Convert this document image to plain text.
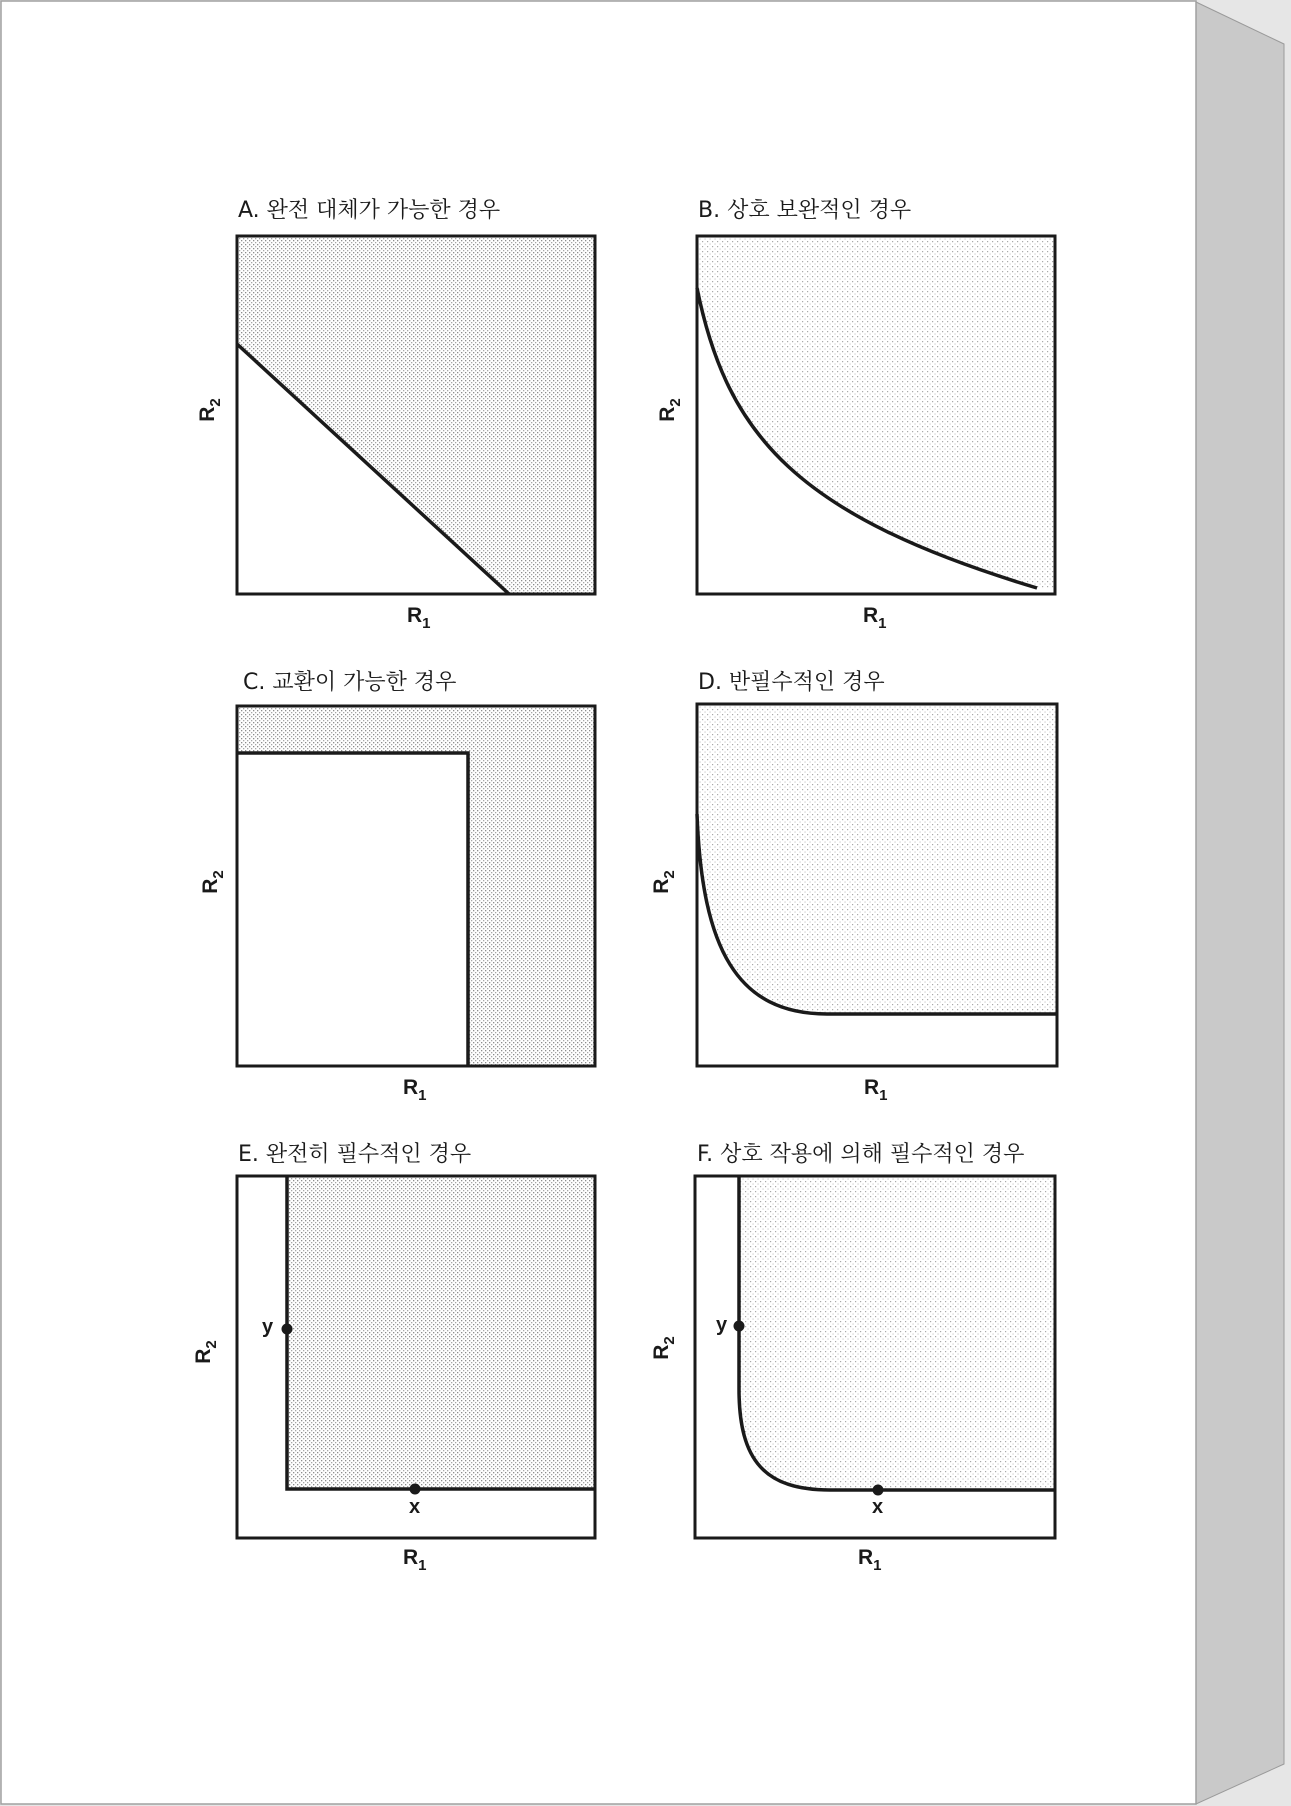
A. 완전 대체가 가능한 경우
$R_1$
$R_2$
B. 상호 보완적인 경우
$R_1$
$R_2$
C. 교환이 가능한 경우
$R_1$
$R_2$
D. 반필수적인 경우
$R_1$
$R_2$
E. 완전히 필수적인 경우
y
x
$R_1$
$R_2$
F. 상호 작용에 의해 필수적인 경우
y
x
$R_1$
$R_2$
